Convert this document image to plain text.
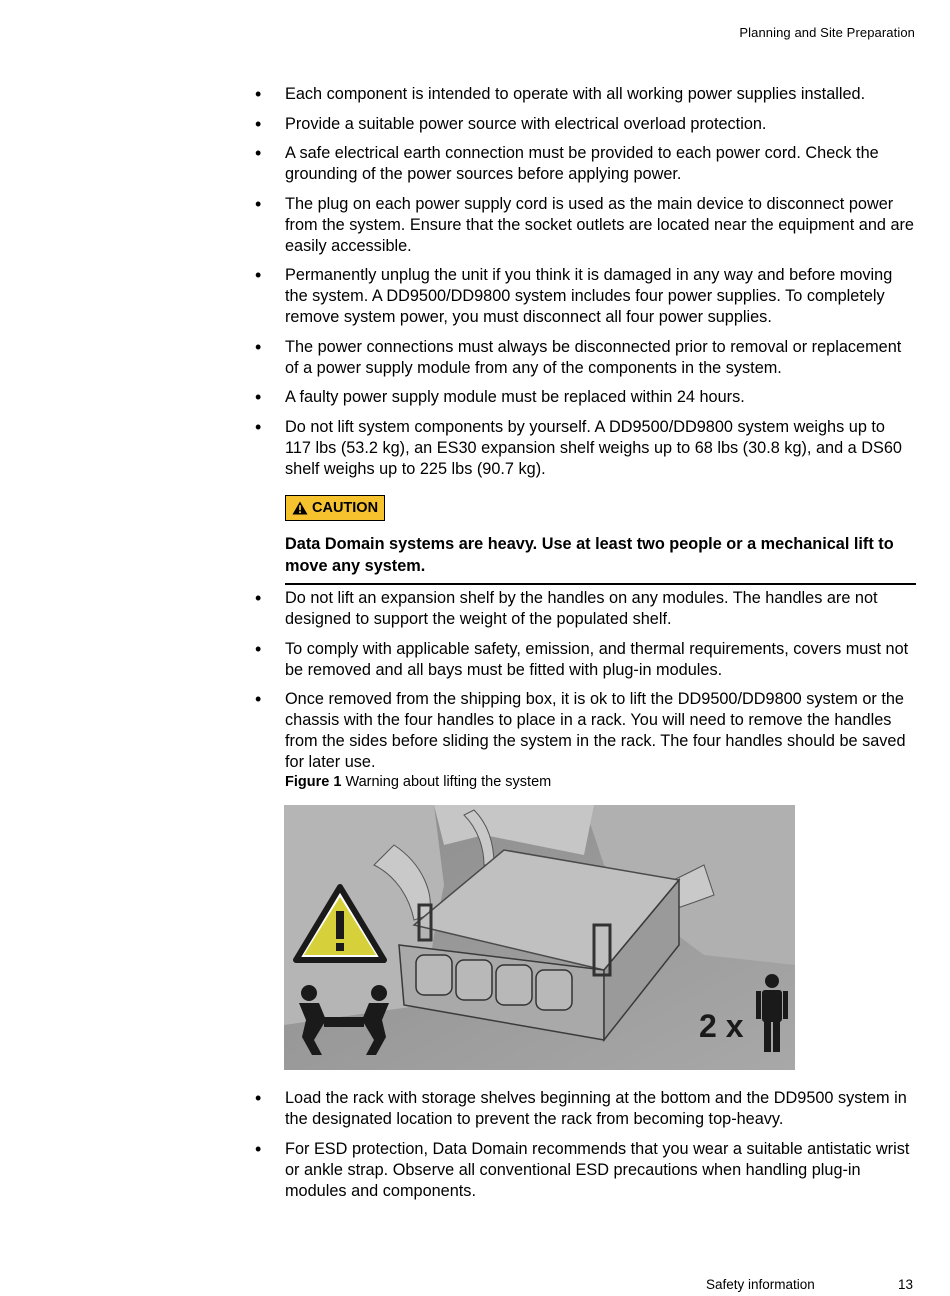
Planning and Site Preparation
• Each component is intended to operate with all working power supplies installed.
• Provide a suitable power source with electrical overload protection.
• A safe electrical earth connection must be provided to each power cord. Check the grounding of the power sources before applying power.
• The plug on each power supply cord is used as the main device to disconnect power from the system. Ensure that the socket outlets are located near the equipment and are easily accessible.
• Permanently unplug the unit if you think it is damaged in any way and before moving the system. A DD9500/DD9800 system includes four power supplies. To completely remove system power, you must disconnect all four power supplies.
• The power connections must always be disconnected prior to removal or replacement of a power supply module from any of the components in the system.
• A faulty power supply module must be replaced within 24 hours.
• Do not lift system components by yourself. A DD9500/DD9800 system weighs up to 117 lbs (53.2 kg), an ES30 expansion shelf weighs up to 68 lbs (30.8 kg), and a DS60 shelf weighs up to 225 lbs (90.7 kg).
CAUTION
Data Domain systems are heavy. Use at least two people or a mechanical lift to move any system.
• Do not lift an expansion shelf by the handles on any modules. The handles are not designed to support the weight of the populated shelf.
• To comply with applicable safety, emission, and thermal requirements, covers must not be removed and all bays must be fitted with plug-in modules.
• Once removed from the shipping box, it is ok to lift the DD9500/DD9800 system or the chassis with the four handles to place in a rack. You will need to remove the handles from the sides before sliding the system in the rack. The four handles should be saved for later use.
Figure 1 Warning about lifting the system
2 x
• Load the rack with storage shelves beginning at the bottom and the DD9500 system in the designated location to prevent the rack from becoming top-heavy.
• For ESD protection, Data Domain recommends that you wear a suitable antistatic wrist or ankle strap. Observe all conventional ESD precautions when handling plug-in modules and components.
Safety information	13
